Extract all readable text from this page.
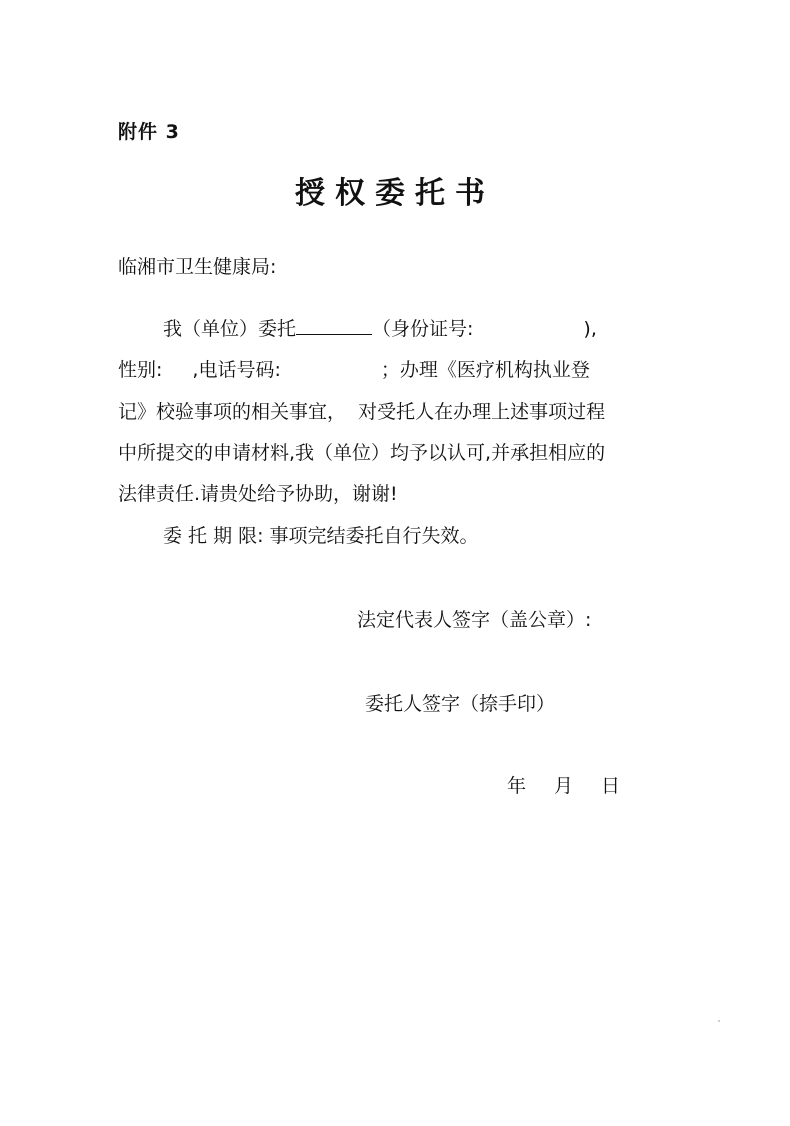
附件 3
授权委托书
临湘市卫生健康局:
我（单位）委托	（身份证号:	),
性别: ,电话号码:	；办理《医疗机构执业登
记》校验事项的相关事宜，  对受托人在办理上述事项过程
中所提交的申请材料,我（单位）均予以认可,并承担相应的
法律责任.请贵处给予协助，谢谢!
委 托 期 限: 事项完结委托自行失效。
法定代表人签字（盖公章）:
委托人签字（捺手印）
年 月 日
